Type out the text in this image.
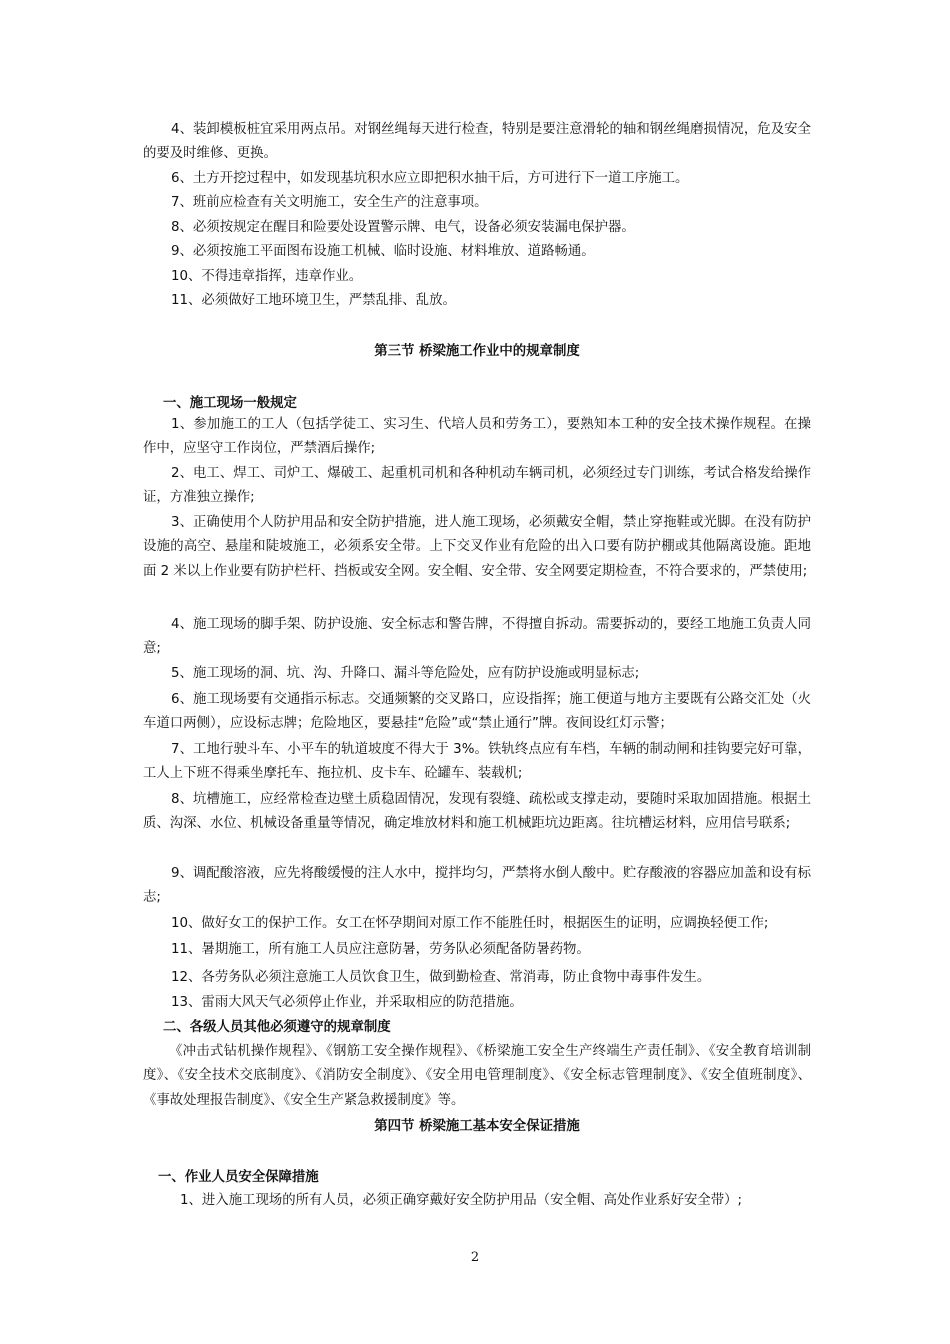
4、装卸模板桩宜采用两点吊。对钢丝绳每天进行检查，特别是要注意滑轮的轴和钢丝绳磨损情况，危及安全的要及时维修、更换。

6、土方开挖过程中，如发现基坑积水应立即把积水抽干后，方可进行下一道工序施工。

7、班前应检查有关文明施工，安全生产的注意事项。

8、必须按规定在醒目和险要处设置警示牌、电气，设备必须安装漏电保护器。

9、必须按施工平面图布设施工机械、临时设施、材料堆放、道路畅通。

10、不得违章指挥，违章作业。

11、必须做好工地环境卫生，严禁乱排、乱放。

第三节 桥梁施工作业中的规章制度
一、施工现场一般规定

1、参加施工的工人（包括学徒工、实习生、代培人员和劳务工），要熟知本工种的安全技术操作规程。在操作中，应坚守工作岗位，严禁酒后操作;

2、电工、焊工、司炉工、爆破工、起重机司机和各种机动车辆司机，必须经过专门训练，考试合格发给操作证，方准独立操作;

3、正确使用个人防护用品和安全防护措施，进人施工现场，必须戴安全帽，禁止穿拖鞋或光脚。在没有防护设施的高空、悬崖和陡坡施工，必须系安全带。上下交叉作业有危险的出入口要有防护棚或其他隔离设施。距地面 2 米以上作业要有防护栏杆、挡板或安全网。安全帽、安全带、安全网要定期检查，不符合要求的，严禁使用;

4、施工现场的脚手架、防护设施、安全标志和警告牌，不得擅自拆动。需要拆动的，要经工地施工负责人同意;

5、施工现场的洞、坑、沟、升降口、漏斗等危险处，应有防护设施或明显标志;

6、施工现场要有交通指示标志。交通频繁的交叉路口，应设指挥；施工便道与地方主要既有公路交汇处（火车道口两侧），应设标志牌；危险地区，要悬挂“危险”或“禁止通行”牌。夜间设红灯示警；

7、工地行驶斗车、小平车的轨道坡度不得大于 3%。铁轨终点应有车档，车辆的制动闸和挂钩要完好可靠，工人上下班不得乘坐摩托车、拖拉机、皮卡车、砼罐车、装载机;

8、坑槽施工，应经常检查边壁土质稳固情况，发现有裂缝、疏松或支撑走动，要随时采取加固措施。根据土质、沟深、水位、机械设备重量等情况，确定堆放材料和施工机械距坑边距离。往坑槽运材料，应用信号联系;

9、调配酸溶液，应先将酸缓慢的注人水中，搅拌均匀，严禁将水倒人酸中。贮存酸液的容器应加盖和设有标志;

10、做好女工的保护工作。女工在怀孕期间对原工作不能胜任时，根据医生的证明，应调换轻便工作;

11、暑期施工，所有施工人员应注意防暑，劳务队必须配备防暑药物。

12、各劳务队必须注意施工人员饮食卫生，做到勤检查、常消毒，防止食物中毒事件发生。

13、雷雨大风天气必须停止作业，并采取相应的防范措施。

二、各级人员其他必须遵守的规章制度

《冲击式钻机操作规程》、《钢筋工安全操作规程》、《桥梁施工安全生产终端生产责任制》、《安全教育培训制度》、《安全技术交底制度》、《消防安全制度》、《安全用电管理制度》、《安全标志管理制度》、《安全值班制度》、《事故处理报告制度》、《安全生产紧急救援制度》等。

第四节 桥梁施工基本安全保证措施
一、作业人员安全保障措施

1、进入施工现场的所有人员，必须正确穿戴好安全防护用品（安全帽、高处作业系好安全带）;

2
